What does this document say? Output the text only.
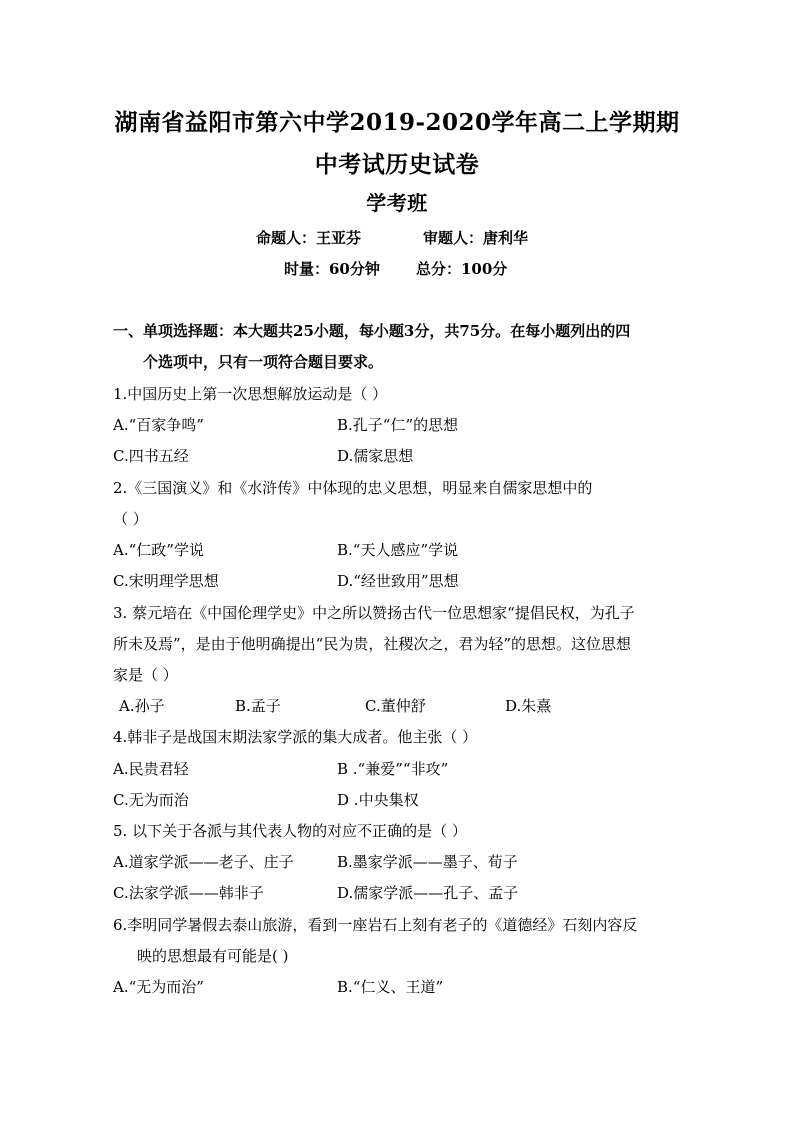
湖南省益阳市第六中学2019-2020学年高二上学期期
中考试历史试卷
学考班
命题人：王亚芬	审题人：唐利华
时量：60分钟 总分：100分
一、单项选择题：本大题共25小题，每小题3分，共75分。在每小题列出的四
个选项中，只有一项符合题目要求。
1.中国历史上第一次思想解放运动是（ ）
A.“百家争鸣”	B.孔子“仁”的思想
C.四书五经	D.儒家思想
2.《三国演义》和《水浒传》中体现的忠义思想，明显来自儒家思想中的
（ ）
A.“仁政”学说	B.“天人感应”学说
C.宋明理学思想	D.“经世致用”思想
3. 蔡元培在《中国伦理学史》中之所以赞扬古代一位思想家“提倡民权，为孔子
所未及焉”，是由于他明确提出“民为贵，社稷次之，君为轻”的思想。这位思想
家是（ ）
A.孙子	B.孟子	C.董仲舒	D.朱熹
4.韩非子是战国末期法家学派的集大成者。他主张（ ）
A.民贵君轻	B .“兼爱”“非攻”
C.无为而治	D .中央集权
5. 以下关于各派与其代表人物的对应不正确的是（ ）
A.道家学派——老子、庄子	B.墨家学派——墨子、荀子
C.法家学派——韩非子	D.儒家学派——孔子、孟子
6.李明同学暑假去泰山旅游，看到一座岩石上刻有老子的《道德经》石刻内容反
映的思想最有可能是( )
A.“无为而治”	B.“仁义、王道”
